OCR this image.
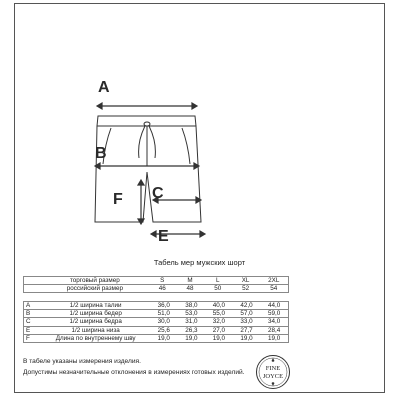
A
B
C
F
E
Табель мер мужских шорт
	торговый размер	S	M	L	XL	2XL
	российский размер	46	48	50	52	54
A	1/2 ширина талии	36,0	38,0	40,0	42,0	44,0
B	1/2 ширина бедер	51,0	53,0	55,0	57,0	59,0
C	1/2 ширина бедра	30,0	31,0	32,0	33,0	34,0
E	1/2 ширина низа	25,6	26,3	27,0	27,7	28,4
F	Длина по внутреннему шву	19,0	19,0	19,0	19,0	19,0
В табеле указаны измерения изделия.
Допустимы незначительные отклонения в измерениях готовых изделий.
FINE
JOYCE
